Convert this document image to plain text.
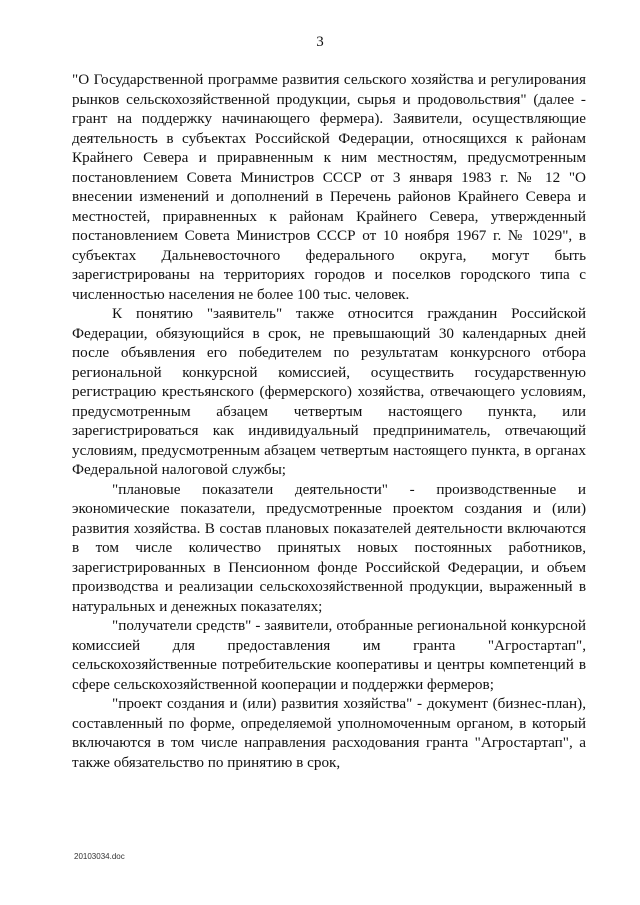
3

"О Государственной программе развития сельского хозяйства и регулирования рынков сельскохозяйственной продукции, сырья и продовольствия" (далее - грант на поддержку начинающего фермера). Заявители, осуществляющие деятельность в субъектах Российской Федерации, относящихся к районам Крайнего Севера и приравненным к ним местностям, предусмотренным постановлением Совета Министров СССР от 3 января 1983 г. № 12 "О внесении изменений и дополнений в Перечень районов Крайнего Севера и местностей, приравненных к районам Крайнего Севера, утвержденный постановлением Совета Министров СССР от 10 ноября 1967 г. № 1029", в субъектах Дальневосточного федерального округа, могут быть зарегистрированы на территориях городов и поселков городского типа с численностью населения не более 100 тыс. человек.

К понятию "заявитель" также относится гражданин Российской Федерации, обязующийся в срок, не превышающий 30 календарных дней после объявления его победителем по результатам конкурсного отбора региональной конкурсной комиссией, осуществить государственную регистрацию крестьянского (фермерского) хозяйства, отвечающего условиям, предусмотренным абзацем четвертым настоящего пункта, или зарегистрироваться как индивидуальный предприниматель, отвечающий условиям, предусмотренным абзацем четвертым настоящего пункта, в органах Федеральной налоговой службы;

"плановые показатели деятельности" - производственные и экономические показатели, предусмотренные проектом создания и (или) развития хозяйства. В состав плановых показателей деятельности включаются в том числе количество принятых новых постоянных работников, зарегистрированных в Пенсионном фонде Российской Федерации, и объем производства и реализации сельскохозяйственной продукции, выраженный в натуральных и денежных показателях;

"получатели средств" - заявители, отобранные региональной конкурсной комиссией для предоставления им гранта "Агростартап", сельскохозяйственные потребительские кооперативы и центры компетенций в сфере сельскохозяйственной кооперации и поддержки фермеров;

"проект создания и (или) развития хозяйства" - документ (бизнес-план), составленный по форме, определяемой уполномоченным органом, в который включаются в том числе направления расходования гранта "Агростартап", а также обязательство по принятию в срок,

20103034.doc
